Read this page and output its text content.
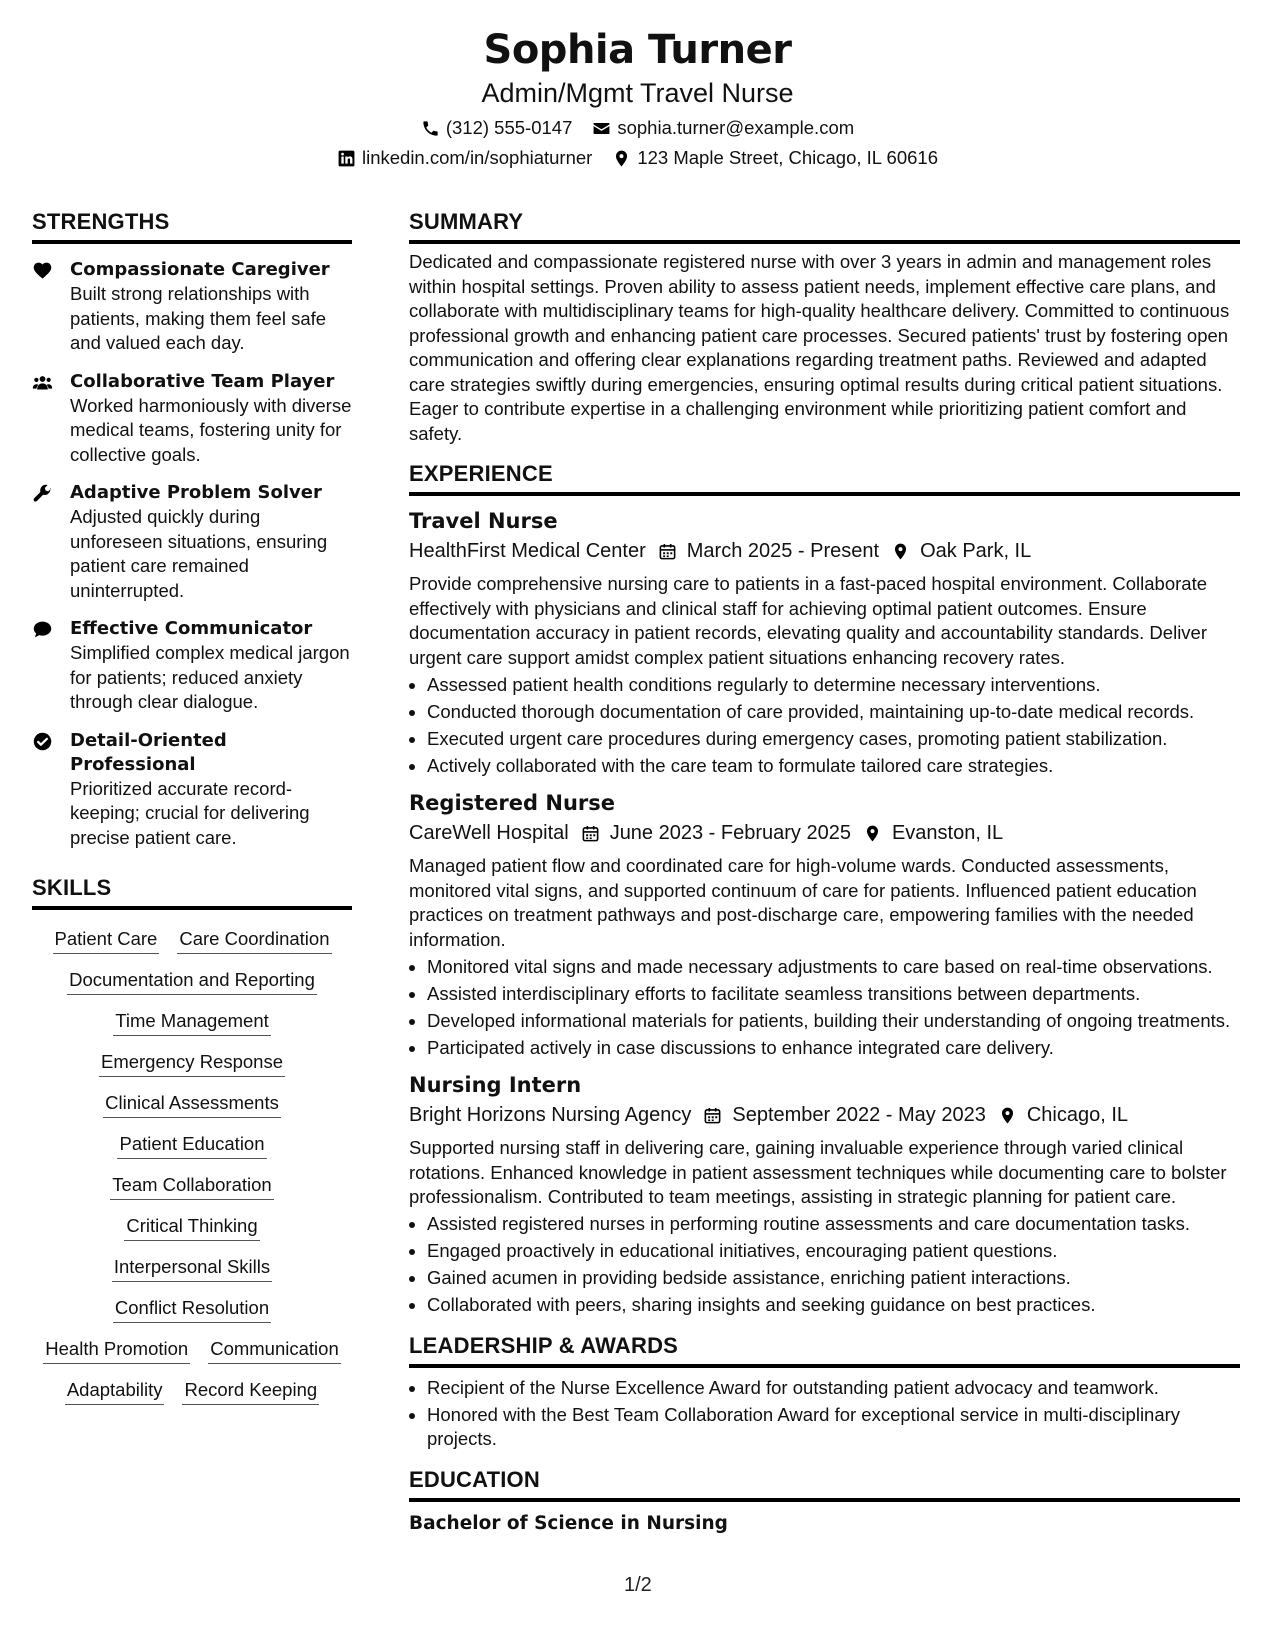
Sophia Turner
Admin/Mgmt Travel Nurse
(312) 555-0147 sophia.turner@example.com
linkedin.com/in/sophiaturner 123 Maple Street, Chicago, IL 60616
STRENGTHS
Compassionate Caregiver
Built strong relationships with patients, making them feel safe and valued each day.
Collaborative Team Player
Worked harmoniously with diverse medical teams, fostering unity for collective goals.
Adaptive Problem Solver
Adjusted quickly during unforeseen situations, ensuring patient care remained uninterrupted.
Effective Communicator
Simplified complex medical jargon for patients; reduced anxiety through clear dialogue.
Detail-Oriented Professional
Prioritized accurate record-keeping; crucial for delivering precise patient care.
SKILLS
Patient Care Care Coordination
Documentation and Reporting
Time Management
Emergency Response
Clinical Assessments
Patient Education
Team Collaboration
Critical Thinking
Interpersonal Skills
Conflict Resolution
Health Promotion Communication
Adaptability Record Keeping
SUMMARY
Dedicated and compassionate registered nurse with over 3 years in admin and management roles within hospital settings. Proven ability to assess patient needs, implement effective care plans, and collaborate with multidisciplinary teams for high-quality healthcare delivery. Committed to continuous professional growth and enhancing patient care processes. Secured patients' trust by fostering open communication and offering clear explanations regarding treatment paths. Reviewed and adapted care strategies swiftly during emergencies, ensuring optimal results during critical patient situations. Eager to contribute expertise in a challenging environment while prioritizing patient comfort and safety.
EXPERIENCE
Travel Nurse
HealthFirst Medical Center March 2025 - Present Oak Park, IL
Provide comprehensive nursing care to patients in a fast-paced hospital environment. Collaborate effectively with physicians and clinical staff for achieving optimal patient outcomes. Ensure documentation accuracy in patient records, elevating quality and accountability standards. Deliver urgent care support amidst complex patient situations enhancing recovery rates.
• Assessed patient health conditions regularly to determine necessary interventions.
• Conducted thorough documentation of care provided, maintaining up-to-date medical records.
• Executed urgent care procedures during emergency cases, promoting patient stabilization.
• Actively collaborated with the care team to formulate tailored care strategies.
Registered Nurse
CareWell Hospital June 2023 - February 2025 Evanston, IL
Managed patient flow and coordinated care for high-volume wards. Conducted assessments, monitored vital signs, and supported continuum of care for patients. Influenced patient education practices on treatment pathways and post-discharge care, empowering families with the needed information.
• Monitored vital signs and made necessary adjustments to care based on real-time observations.
• Assisted interdisciplinary efforts to facilitate seamless transitions between departments.
• Developed informational materials for patients, building their understanding of ongoing treatments.
• Participated actively in case discussions to enhance integrated care delivery.
Nursing Intern
Bright Horizons Nursing Agency September 2022 - May 2023 Chicago, IL
Supported nursing staff in delivering care, gaining invaluable experience through varied clinical rotations. Enhanced knowledge in patient assessment techniques while documenting care to bolster professionalism. Contributed to team meetings, assisting in strategic planning for patient care.
• Assisted registered nurses in performing routine assessments and care documentation tasks.
• Engaged proactively in educational initiatives, encouraging patient questions.
• Gained acumen in providing bedside assistance, enriching patient interactions.
• Collaborated with peers, sharing insights and seeking guidance on best practices.
LEADERSHIP & AWARDS
• Recipient of the Nurse Excellence Award for outstanding patient advocacy and teamwork.
• Honored with the Best Team Collaboration Award for exceptional service in multi-disciplinary projects.
EDUCATION
Bachelor of Science in Nursing
1/2
